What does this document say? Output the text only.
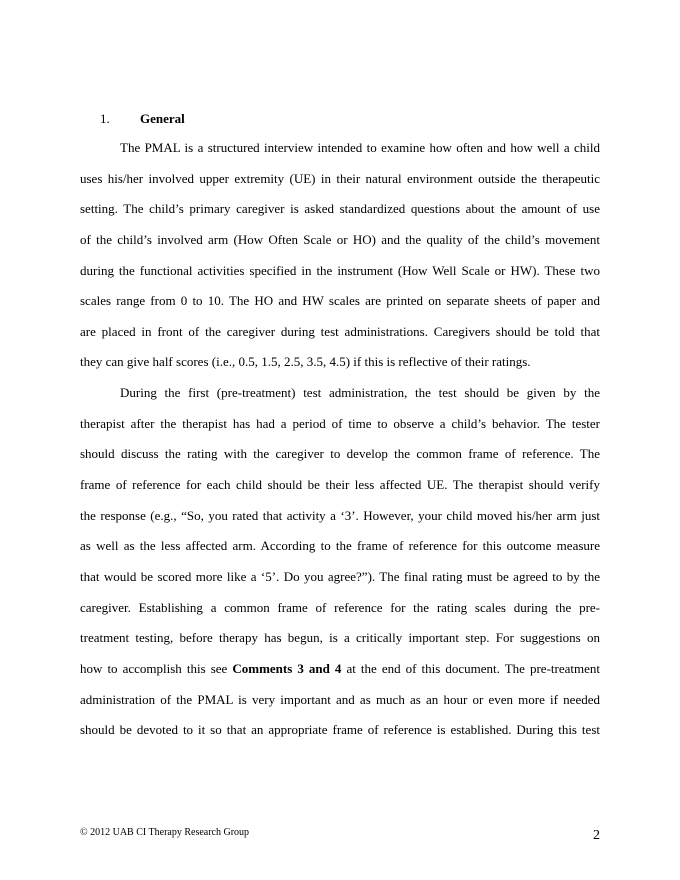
1. General
The PMAL is a structured interview intended to examine how often and how well a child
uses his/her involved upper extremity (UE) in their natural environment outside the therapeutic
setting. The child’s primary caregiver is asked standardized questions about the amount of use
of the child’s involved arm (How Often Scale or HO) and the quality of the child’s movement
during the functional activities specified in the instrument (How Well Scale or HW). These two
scales range from 0 to 10. The HO and HW scales are printed on separate sheets of paper and
are placed in front of the caregiver during test administrations. Caregivers should be told that
they can give half scores (i.e., 0.5, 1.5, 2.5, 3.5, 4.5) if this is reflective of their ratings.
During the first (pre-treatment) test administration, the test should be given by the
therapist after the therapist has had a period of time to observe a child’s behavior. The tester
should discuss the rating with the caregiver to develop the common frame of reference. The
frame of reference for each child should be their less affected UE. The therapist should verify
the response (e.g., “So, you rated that activity a ‘3’. However, your child moved his/her arm just
as well as the less affected arm. According to the frame of reference for this outcome measure
that would be scored more like a ‘5’. Do you agree?”). The final rating must be agreed to by the
caregiver. Establishing a common frame of reference for the rating scales during the pre-
treatment testing, before therapy has begun, is a critically important step. For suggestions on
how to accomplish this see Comments 3 and 4 at the end of this document. The pre-treatment
administration of the PMAL is very important and as much as an hour or even more if needed
should be devoted to it so that an appropriate frame of reference is established. During this test
© 2012 UAB CI Therapy Research Group	2
